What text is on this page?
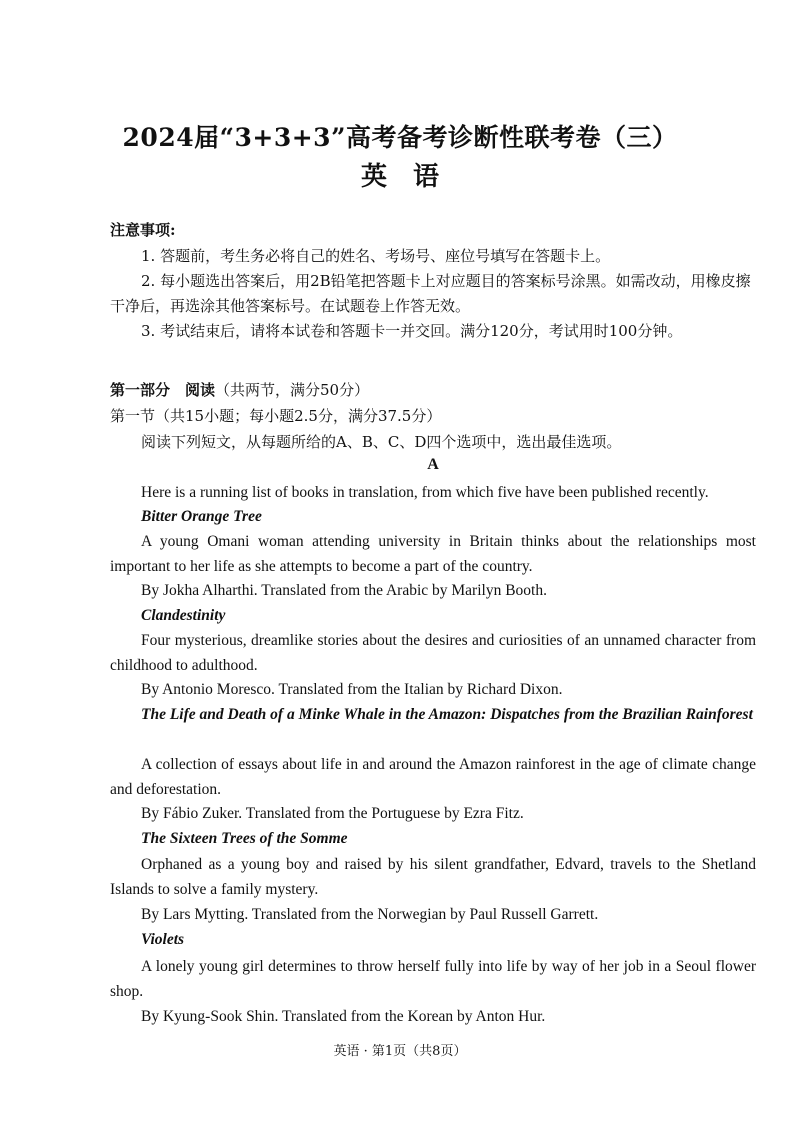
2024届“3+3+3”高考备考诊断性联考卷（三）
英　语
注意事项:
1. 答题前，考生务必将自己的姓名、考场号、座位号填写在答题卡上。
2. 每小题选出答案后，用2B铅笔把答题卡上对应题目的答案标号涂黑。如需改动，用橡皮擦干净后，再选涂其他答案标号。在试题卷上作答无效。
3. 考试结束后，请将本试卷和答题卡一并交回。满分120分，考试用时100分钟。
第一部分　阅读（共两节，满分50分）
第一节（共15小题；每小题2.5分，满分37.5分）
阅读下列短文，从每题所给的A、B、C、D四个选项中，选出最佳选项。
A
Here is a running list of books in translation, from which five have been published recently.
Bitter Orange Tree
A young Omani woman attending university in Britain thinks about the relationships most important to her life as she attempts to become a part of the country.
By Jokha Alharthi. Translated from the Arabic by Marilyn Booth.
Clandestinity
Four mysterious, dreamlike stories about the desires and curiosities of an unnamed character from childhood to adulthood.
By Antonio Moresco. Translated from the Italian by Richard Dixon.
The Life and Death of a Minke Whale in the Amazon: Dispatches from the Brazilian Rainforest
A collection of essays about life in and around the Amazon rainforest in the age of climate change and deforestation.
By Fábio Zuker. Translated from the Portuguese by Ezra Fitz.
The Sixteen Trees of the Somme
Orphaned as a young boy and raised by his silent grandfather, Edvard, travels to the Shetland Islands to solve a family mystery.
By Lars Mytting. Translated from the Norwegian by Paul Russell Garrett.
Violets
A lonely young girl determines to throw herself fully into life by way of her job in a Seoul flower shop.
By Kyung-Sook Shin. Translated from the Korean by Anton Hur.
英语 · 第1页（共8页）
